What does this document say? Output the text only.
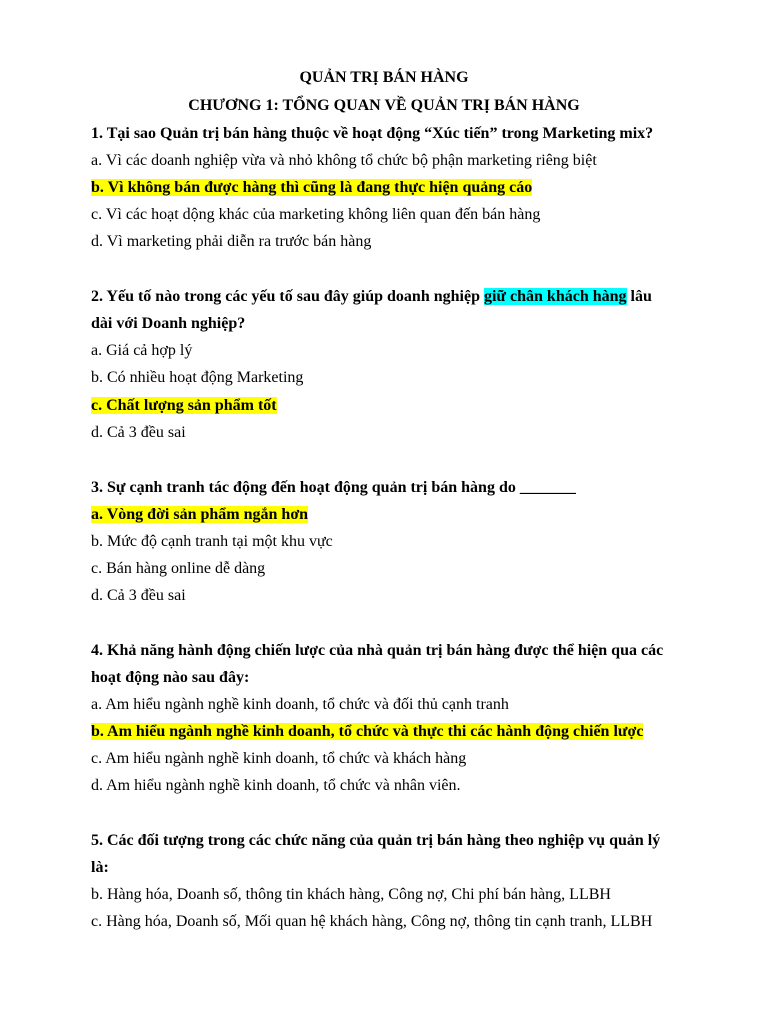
QUẢN TRỊ BÁN HÀNG
CHƯƠNG 1: TỔNG QUAN VỀ QUẢN TRỊ BÁN HÀNG
1. Tại sao Quản trị bán hàng thuộc về hoạt động “Xúc tiến” trong Marketing mix?
a. Vì các doanh nghiệp vừa và nhỏ không tổ chức bộ phận marketing riêng biệt
b. Vì không bán được hàng thì cũng là đang thực hiện quảng cáo
c. Vì các hoạt dộng khác của marketing không liên quan đến bán hàng
d. Vì marketing phải diễn ra trước bán hàng
2. Yếu tố nào trong các yếu tố sau đây giúp doanh nghiệp giữ chân khách hàng lâu
dài với Doanh nghiệp?
a. Giá cả hợp lý
b. Có nhiều hoạt động Marketing
c. Chất lượng sản phẩm tốt
d. Cả 3 đều sai
3. Sự cạnh tranh tác động đến hoạt động quản trị bán hàng do _______
a. Vòng đời sản phẩm ngắn hơn
b. Mức độ cạnh tranh tại một khu vực
c. Bán hàng online dễ dàng
d. Cả 3 đều sai
4. Khả năng hành động chiến lược của nhà quản trị bán hàng được thể hiện qua các
hoạt động nào sau đây:
a. Am hiểu ngành nghề kinh doanh, tổ chức và đối thủ cạnh tranh
b. Am hiểu ngành nghề kinh doanh, tổ chức và thực thi các hành động chiến lược
c. Am hiểu ngành nghề kinh doanh, tổ chức và khách hàng
d. Am hiểu ngành nghề kinh doanh, tổ chức và nhân viên.
5. Các đối tượng trong các chức năng của quản trị bán hàng theo nghiệp vụ quản lý
là:
b. Hàng hóa, Doanh số, thông tin khách hàng, Công nợ, Chi phí bán hàng, LLBH
c. Hàng hóa, Doanh số, Mối quan hệ khách hàng, Công nợ, thông tin cạnh tranh, LLBH
